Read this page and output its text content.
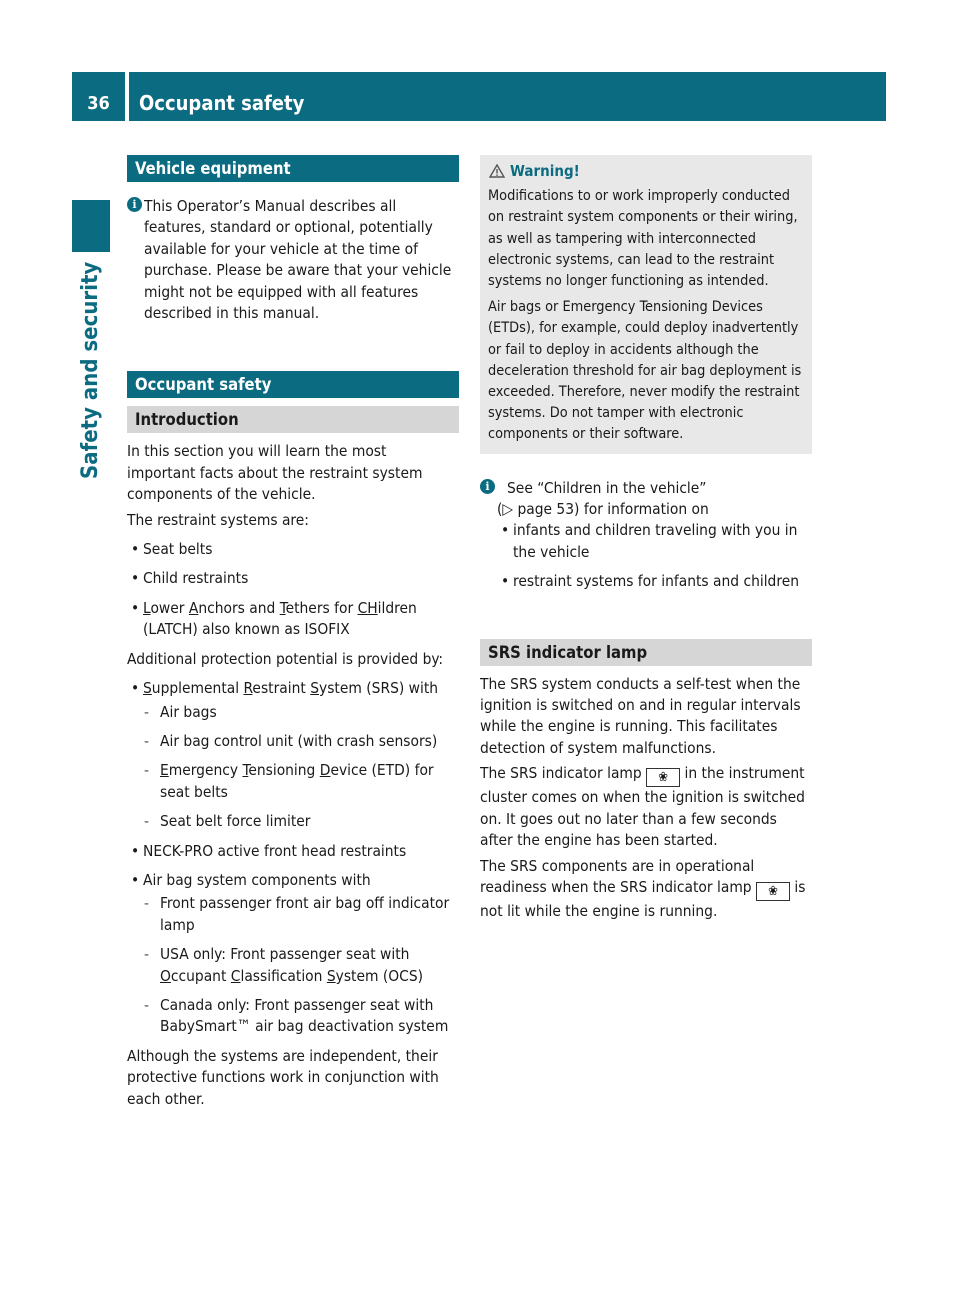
36	Occupant safety
Safety and security
Vehicle equipment

i This Operator’s Manual describes all features, standard or optional, potentially available for your vehicle at the time of purchase. Please be aware that your vehicle might not be equipped with all features described in this manual.

Occupant safety
Introduction

In this section you will learn the most important facts about the restraint system components of the vehicle.

The restraint systems are:

• Seat belts
• Child restraints
• Lower Anchors and Tethers for CHildren (LATCH) also known as ISOFIX

Additional protection potential is provided by:

• Supplemental Restraint System (SRS) with
- Air bags
- Air bag control unit (with crash sensors)
- Emergency Tensioning Device (ETD) for seat belts
- Seat belt force limiter
• NECK-PRO active front head restraints
• Air bag system components with
- Front passenger front air bag off indicator lamp
- USA only: Front passenger seat with Occupant Classification System (OCS)
- Canada only: Front passenger seat with BabySmart™ air bag deactivation system

Although the systems are independent, their protective functions work in conjunction with each other.

Warning!

Modifications to or work improperly conducted on restraint system components or their wiring, as well as tampering with interconnected electronic systems, can lead to the restraint systems no longer functioning as intended.

Air bags or Emergency Tensioning Devices (ETDs), for example, could deploy inadvertently or fail to deploy in accidents although the deceleration threshold for air bag deployment is exceeded. Therefore, never modify the restraint systems. Do not tamper with electronic components or their software.

i	See “Children in the vehicle”
(▷ page 53) for information on
• infants and children traveling with you in the vehicle
• restraint systems for infants and children
SRS indicator lamp

The SRS system conducts a self-test when the ignition is switched on and in regular intervals while the engine is running. This facilitates detection of system malfunctions.

The SRS indicator lamp ❀ in the instrument cluster comes on when the ignition is switched on. It goes out no later than a few seconds after the engine has been started.

The SRS components are in operational readiness when the SRS indicator lamp ❀ is not lit while the engine is running.
